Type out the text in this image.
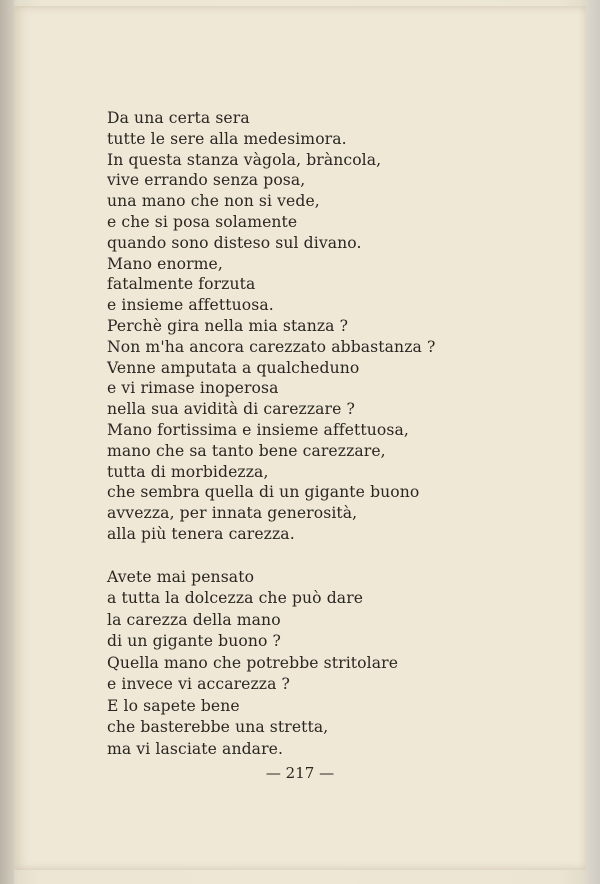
Da una certa sera
tutte le sere alla medesimora.
In questa stanza vàgola, bràncola,
vive errando senza posa,
una mano che non si vede,
e che si posa solamente
quando sono disteso sul divano.
Mano enorme,
fatalmente forzuta
e insieme affettuosa.
Perchè gira nella mia stanza ?
Non m'ha ancora carezzato abbastanza ?
Venne amputata a qualcheduno
e vi rimase inoperosa
nella sua avidità di carezzare ?
Mano fortissima e insieme affettuosa,
mano che sa tanto bene carezzare,
tutta di morbidezza,
che sembra quella di un gigante buono
avvezza, per innata generosità,
alla più tenera carezza.
Avete mai pensato
a tutta la dolcezza che può dare
la carezza della mano
di un gigante buono ?
Quella mano che potrebbe stritolare
e invece vi accarezza ?
E lo sapete bene
che basterebbe una stretta,
ma vi lasciate andare.
— 217 —
